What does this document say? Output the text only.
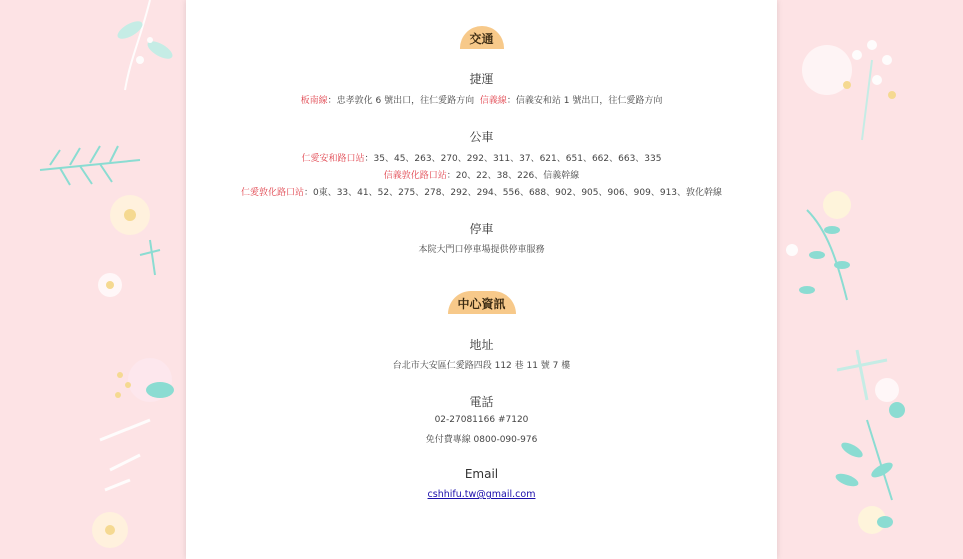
交通
捷運
板南線：忠孝敦化 6 號出口，往仁愛路方向 信義線：信義安和站 1 號出口，往仁愛路方向
公車
仁愛安和路口站：35、45、263、270、292、311、37、621、651、662、663、335
信義敦化路口站：20、22、38、226、信義幹線
仁愛敦化路口站：0東、33、41、52、275、278、292、294、556、688、902、905、906、909、913、敦化幹線
停車
本院大門口停車場提供停車服務
中心資訊
地址
台北市大安區仁愛路四段 112 巷 11 號 7 樓
電話
02-27081166 #7120
免付費專線 0800-090-976
Email
cshhifu.tw@gmail.com
